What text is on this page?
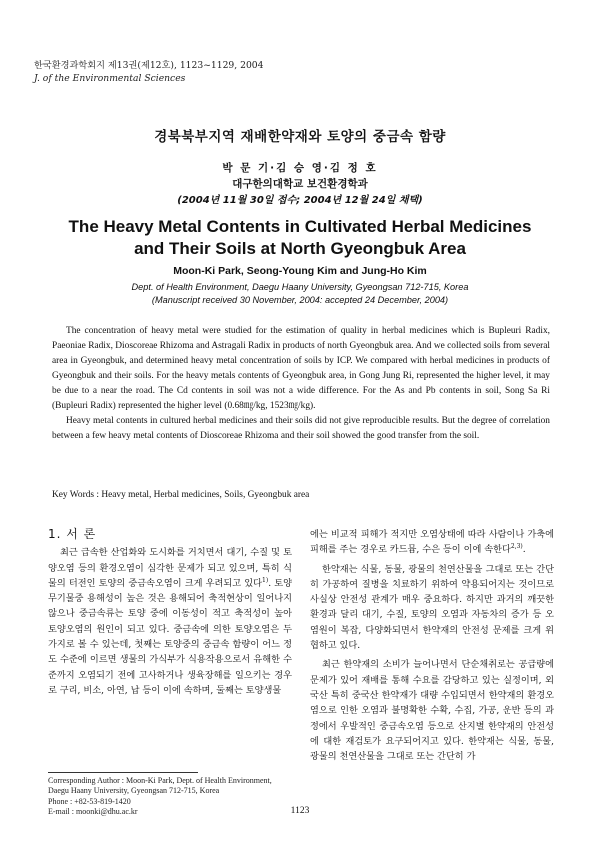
한국환경과학회지 제13권(제12호), 1123~1129, 2004
J. of the Environmental Sciences
경북북부지역 재배한약재와 토양의 중금속 함량
박 문 기·김 승 영·김 정 호
대구한의대학교 보건환경학과
(2004년 11월 30일 접수; 2004년 12월 24일 채택)
The Heavy Metal Contents in Cultivated Herbal Medicines
and Their Soils at North Gyeongbuk Area
Moon-Ki Park, Seong-Young Kim and Jung-Ho Kim
Dept. of Health Environment, Daegu Haany University, Gyeongsan 712-715, Korea
(Manuscript received 30 November, 2004: accepted 24 December, 2004)

The concentration of heavy metal were studied for the estimation of quality in herbal medicines which is Bupleuri Radix, Paeoniae Radix, Dioscoreae Rhizoma and Astragali Radix in products of north Gyeongbuk area. And we collected soils from several area in Gyeongbuk, and determined heavy metal concentration of soils by ICP. We compared with herbal medicines in products of Gyeongbuk and their soils. For the heavy metals contents of Gyeongbuk area, in Gong Jung Ri, represented the higher level, it may be due to a near the road. The Cd contents in soil was not a wide difference. For the As and Pb contents in soil, Song Sa Ri (Bupleuri Radix) represented the higher level (0.68㎎/kg, 1523㎎/kg).

Heavy metal contents in cultured herbal medicines and their soils did not give reproducible results. But the degree of correlation between a few heavy metal contents of Dioscoreae Rhizoma and their soil showed the good transfer from the soil.

Key Words : Heavy metal, Herbal medicines, Soils, Gyeongbuk area
1. 서 론

최근 급속한 산업화와 도시화를 거치면서 대기, 수질 및 토양오염 등의 환경오염이 심각한 문제가 되고 있으며, 특히 식물의 터전인 토양의 중금속오염이 크게 우려되고 있다$^{1)}$. 토양 무기물중 용해성이 높은 것은 용해되어 축적현상이 일어나지 않으나 중금속류는 토양 중에 이동성이 적고 축적성이 높아 토양오염의 원인이 되고 있다. 중금속에 의한 토양오염은 두 가지로 볼 수 있는데, 첫째는 토양중의 중금속 함량이 어느 정도 수준에 이르면 생물의 가식부가 식용작용으로서 유해한 수준까지 오염되기 전에 고사하거나 생육장해를 일으키는 경우로 구리, 비소, 아연, 납 등이 이에 속하며, 둘째는 토양생물

에는 비교적 피해가 적지만 오염상태에 따라 사람이나 가축에 피해를 주는 경우로 카드뮴, 수은 등이 이에 속한다$^{2,3)}$.

한약재는 식물, 동물, 광물의 천연산물을 그대로 또는 간단히 가공하여 질병을 치료하기 위하여 약용되어지는 것이므로 사실상 안전성 관계가 매우 중요하다. 하지만 과거의 깨끗한 환경과 달리 대기, 수질, 토양의 오염과 자동차의 증가 등 오염원이 복잡, 다양화되면서 한약재의 안전성 문제를 크게 위협하고 있다.

최근 한약재의 소비가 늘어나면서 단순채취로는 공급량에 문제가 있어 재배를 통해 수요를 감당하고 있는 실정이며, 외국산 특히 중국산 한약재가 대량 수입되면서 한약재의 환경오염으로 인한 오염과 불명확한 수확, 수집, 가공, 운반 등의 과정에서 우발적인 중금속오염 등으로 산지별 한약재의 안전성에 대한 재검토가 요구되어지고 있다. 한약재는 식물, 동물, 광물의 천연산물을 그대로 또는 간단히 가

Corresponding Author : Moon-Ki Park, Dept. of Health Environment, Daegu Haany University, Gyeongsan 712-715, Korea
Phone : +82-53-819-1420
E-mail : moonki@dhu.ac.kr	1123
